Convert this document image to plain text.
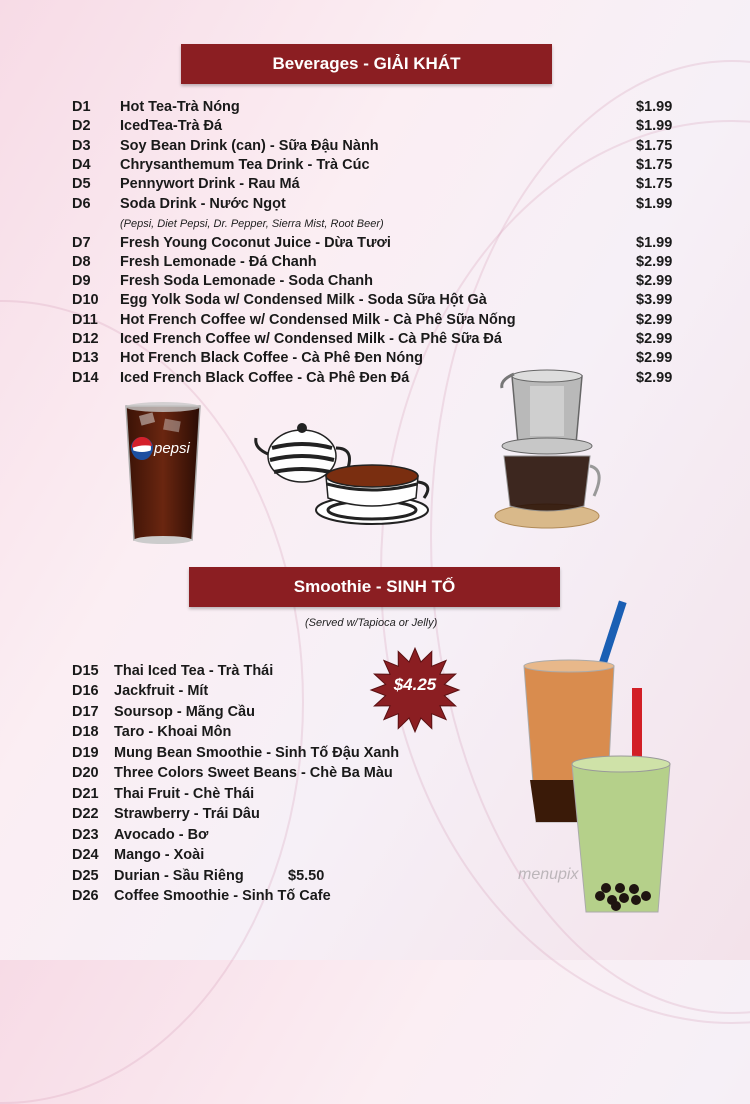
Beverages - GIẢI KHÁT
D1 Hot Tea-Trà Nóng	$1.99
D2 IcedTea-Trà Đá	$1.99
D3 Soy Bean Drink (can) - Sữa Đậu Nành	$1.75
D4 Chrysanthemum Tea Drink - Trà Cúc	$1.75
D5 Pennywort Drink - Rau Má	$1.75
D6 Soda Drink - Nước Ngọt	$1.99
D7 Fresh Young Coconut Juice - Dừa Tươi	$1.99
D8 Fresh Lemonade - Đá Chanh	$2.99
D9 Fresh Soda Lemonade - Soda Chanh	$2.99
D10 Egg Yolk Soda w/ Condensed Milk - Soda Sữa Hột Gà	$3.99
D11 Hot French Coffee w/ Condensed Milk - Cà Phê Sữa Nống	$2.99
D12 Iced French Coffee w/ Condensed Milk - Cà Phê Sữa Đá	$2.99
D13 Hot French Black Coffee - Cà Phê Đen Nóng	$2.99
D14 Iced French Black Coffee - Cà Phê Đen Đá	$2.99
(Pepsi, Diet Pepsi, Dr. Pepper, Sierra Mist, Root Beer)
pepsi
Smoothie - SINH TỐ
(Served w/Tapioca or Jelly)
$4.25
D15 Thai Iced Tea - Trà Thái
D16 Jackfruit - Mít
D17 Soursop - Mãng Cầu
D18 Taro - Khoai Môn
D19 Mung Bean Smoothie - Sinh Tố Đậu Xanh
D20 Three Colors Sweet Beans - Chè Ba Màu
D21 Thai Fruit - Chè Thái
D22 Strawberry - Trái Dâu
D23 Avocado - Bơ
D24 Mango - Xoài
D25 Durian - Sầu Riêng	$5.50
D26 Coffee Smoothie - Sinh Tố Cafe
menupix
